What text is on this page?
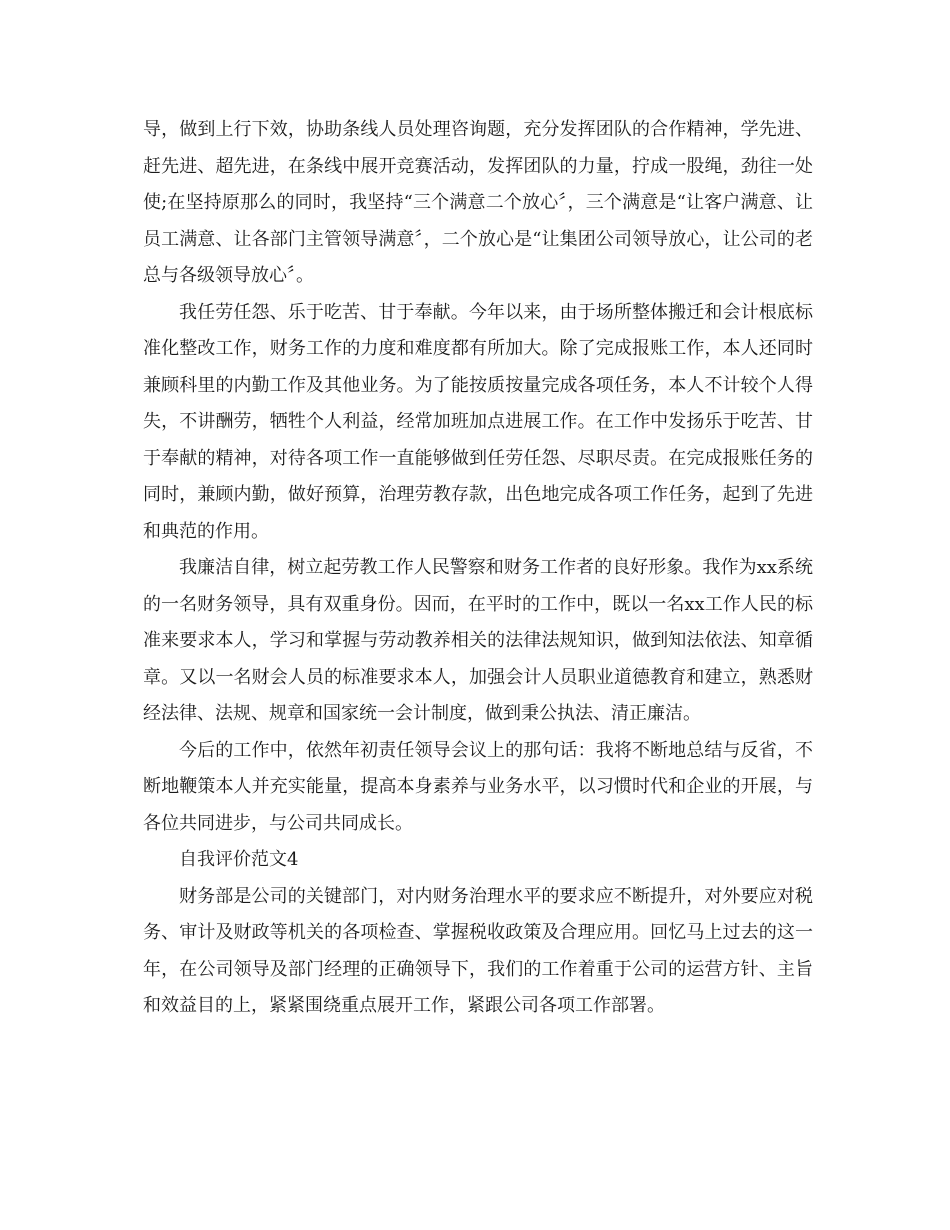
导，做到上行下效，协助条线人员处理咨询题，充分发挥团队的合作精神，学先进、赶先进、超先进，在条线中展开竞赛活动，发挥团队的力量，拧成一股绳，劲往一处使;在坚持原那么的同时，我坚持“三个满意二个放心〞，三个满意是“让客户满意、让员工满意、让各部门主管领导满意〞，二个放心是“让集团公司领导放心，让公司的老总与各级领导放心〞。

我任劳任怨、乐于吃苦、甘于奉献。今年以来，由于场所整体搬迁和会计根底标准化整改工作，财务工作的力度和难度都有所加大。除了完成报账工作，本人还同时兼顾科里的内勤工作及其他业务。为了能按质按量完成各项任务，本人不计较个人得失，不讲酬劳，牺牲个人利益，经常加班加点进展工作。在工作中发扬乐于吃苦、甘于奉献的精神，对待各项工作一直能够做到任劳任怨、尽职尽责。在完成报账任务的同时，兼顾内勤，做好预算，治理劳教存款，出色地完成各项工作任务，起到了先进和典范的作用。

我廉洁自律，树立起劳教工作人民警察和财务工作者的良好形象。我作为xx系统的一名财务领导，具有双重身份。因而，在平时的工作中，既以一名xx工作人民的标准来要求本人，学习和掌握与劳动教养相关的法律法规知识，做到知法依法、知章循章。又以一名财会人员的标准要求本人，加强会计人员职业道德教育和建立，熟悉财经法律、法规、规章和国家统一会计制度，做到秉公执法、清正廉洁。

今后的工作中，依然年初责任领导会议上的那句话：我将不断地总结与反省，不断地鞭策本人并充实能量，提高本身素养与业务水平，以习惯时代和企业的开展，与各位共同进步，与公司共同成长。

自我评价范文4

财务部是公司的关键部门，对内财务治理水平的要求应不断提升，对外要应对税务、审计及财政等机关的各项检查、掌握税收政策及合理应用。回忆马上过去的这一年，在公司领导及部门经理的正确领导下，我们的工作着重于公司的运营方针、主旨和效益目的上，紧紧围绕重点展开工作，紧跟公司各项工作部署。
